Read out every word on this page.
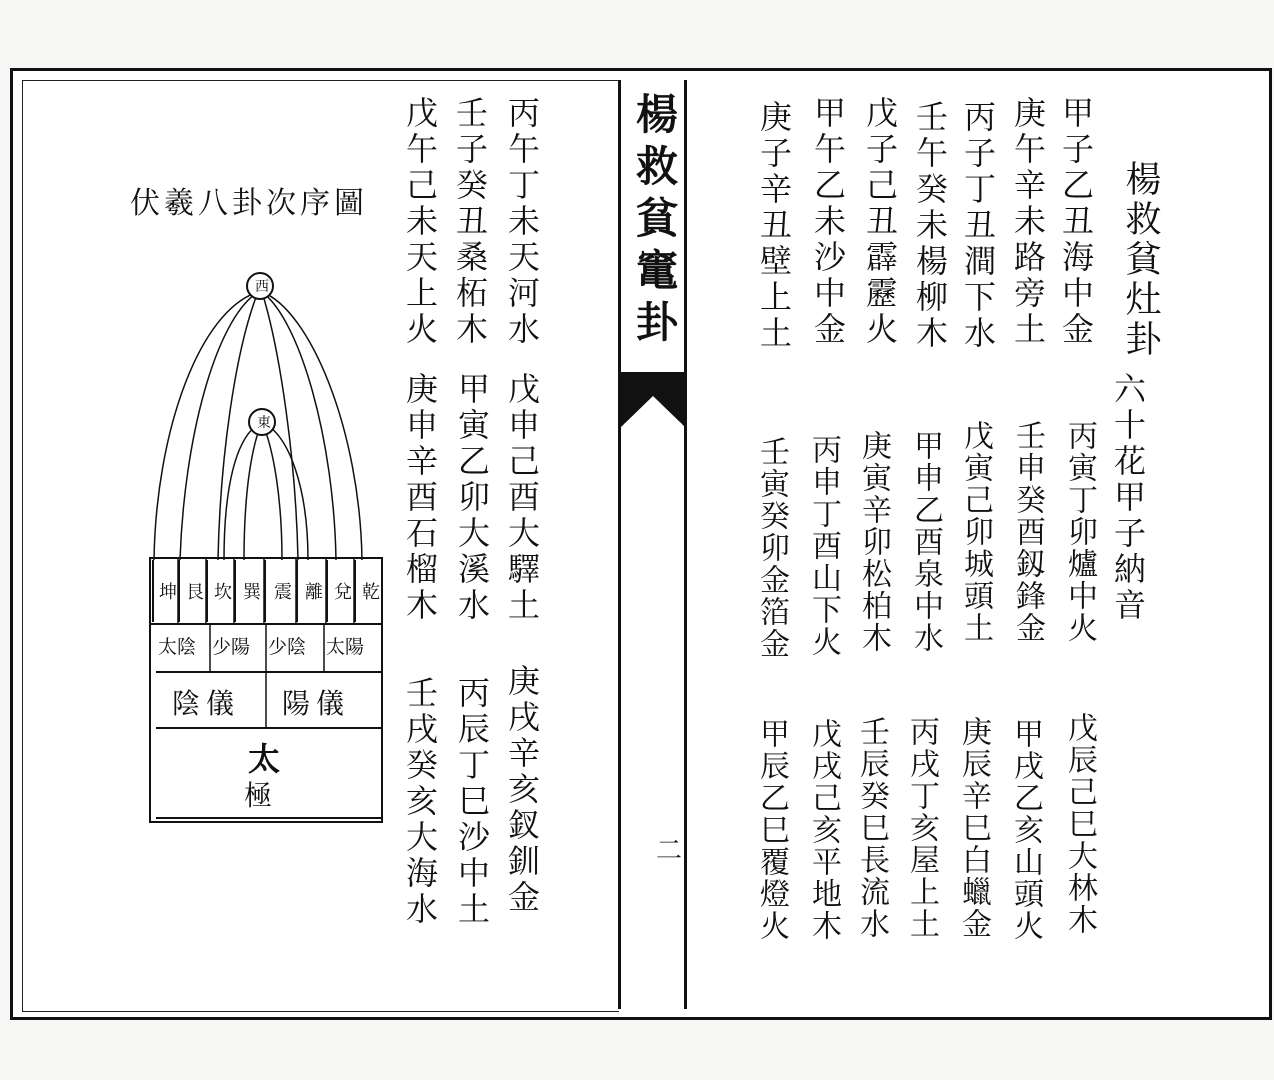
楊救貧竃卦
二
楊救貧灶卦
六十花甲子納音
甲子乙丑海中金
庚午辛未路旁土
丙子丁丑澗下水
壬午癸未楊柳木
戊子己丑霹靂火
甲午乙未沙中金
庚子辛丑壁上土
丙寅丁卯爐中火
壬申癸酉釼鋒金
戊寅己卯城頭土
甲申乙酉泉中水
庚寅辛卯松柏木
丙申丁酉山下火
壬寅癸卯金箔金
戊辰己巳大林木
甲戌乙亥山頭火
庚辰辛巳白蠟金
丙戌丁亥屋上土
壬辰癸巳長流水
戊戌己亥平地木
甲辰乙巳覆燈火
丙午丁未天河水
壬子癸丑桑柘木
戊午己未天上火
戊申己酉大驛土
甲寅乙卯大溪水
庚申辛酉石榴木
庚戌辛亥釵釧金
丙辰丁巳沙中土
壬戌癸亥大海水
伏羲八卦次序圖
西
東
乾
兌
離
震
巽
坎
艮
坤
太陽
少陰
少陽
太陰
陽儀
陰儀
太
極
